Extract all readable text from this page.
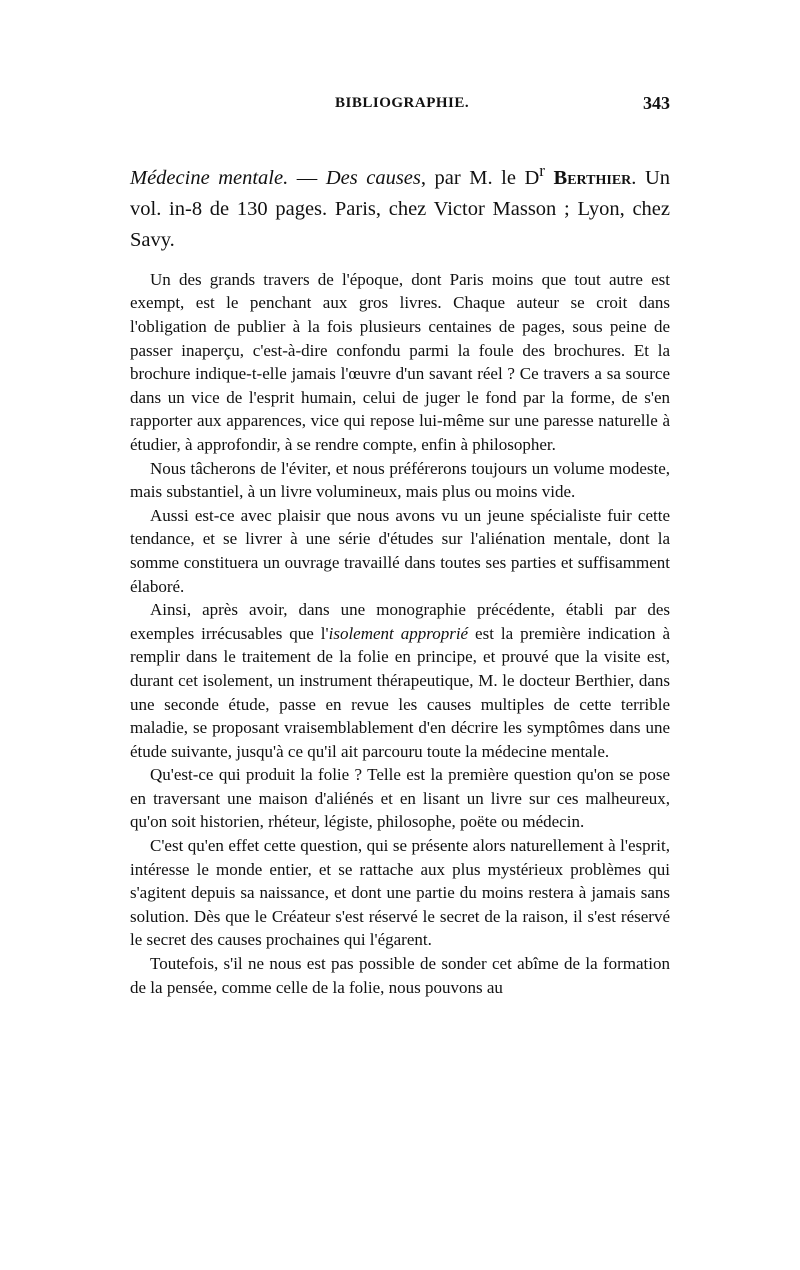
BIBLIOGRAPHIE.	343
Médecine mentale. — Des causes, par M. le $D^r$ Berthier. Un vol. in-8 de 130 pages. Paris, chez Victor Masson ; Lyon, chez Savy.

Un des grands travers de l'époque, dont Paris moins que tout autre est exempt, est le penchant aux gros livres. Chaque auteur se croit dans l'obligation de publier à la fois plusieurs centaines de pages, sous peine de passer inaperçu, c'est-à-dire confondu parmi la foule des brochures. Et la brochure indique-t-elle jamais l'œuvre d'un savant réel ? Ce travers a sa source dans un vice de l'esprit humain, celui de juger le fond par la forme, de s'en rapporter aux apparences, vice qui repose lui-même sur une paresse naturelle à étudier, à approfondir, à se rendre compte, enfin à philosopher.

Nous tâcherons de l'éviter, et nous préférerons toujours un volume modeste, mais substantiel, à un livre volumineux, mais plus ou moins vide.

Aussi est-ce avec plaisir que nous avons vu un jeune spécialiste fuir cette tendance, et se livrer à une série d'études sur l'aliénation mentale, dont la somme constituera un ouvrage travaillé dans toutes ses parties et suffisamment élaboré.

Ainsi, après avoir, dans une monographie précédente, établi par des exemples irrécusables que l'isolement approprié est la première indication à remplir dans le traitement de la folie en principe, et prouvé que la visite est, durant cet isolement, un instrument thérapeutique, M. le docteur Berthier, dans une seconde étude, passe en revue les causes multiples de cette terrible maladie, se proposant vraisemblablement d'en décrire les symptômes dans une étude suivante, jusqu'à ce qu'il ait parcouru toute la médecine mentale.

Qu'est-ce qui produit la folie ? Telle est la première question qu'on se pose en traversant une maison d'aliénés et en lisant un livre sur ces malheureux, qu'on soit historien, rhéteur, légiste, philosophe, poëte ou médecin.

C'est qu'en effet cette question, qui se présente alors naturellement à l'esprit, intéresse le monde entier, et se rattache aux plus mystérieux problèmes qui s'agitent depuis sa naissance, et dont une partie du moins restera à jamais sans solution. Dès que le Créateur s'est réservé le secret de la raison, il s'est réservé le secret des causes prochaines qui l'égarent.

Toutefois, s'il ne nous est pas possible de sonder cet abîme de la formation de la pensée, comme celle de la folie, nous pouvons au
